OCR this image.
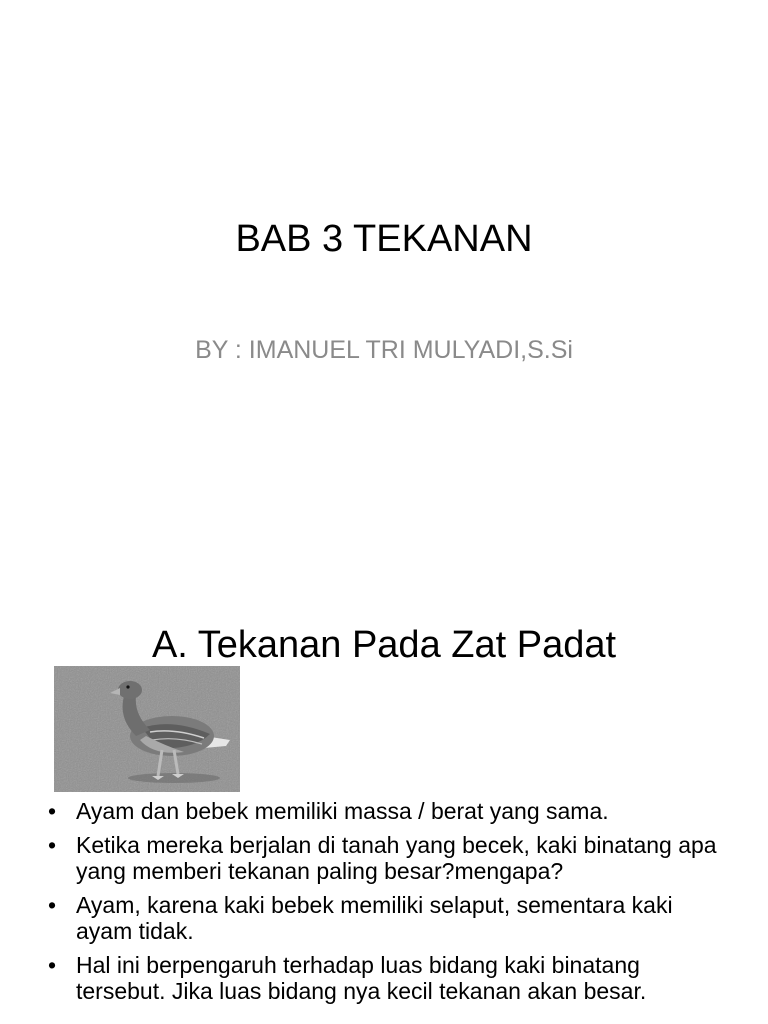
BAB 3 TEKANAN

BY : IMANUEL TRI MULYADI,S.Si

A. Tekanan Pada Zat Padat
• Ayam dan bebek memiliki massa / berat yang sama.
• Ketika mereka berjalan di tanah yang becek, kaki binatang apa yang memberi tekanan paling besar?mengapa?
• Ayam, karena kaki bebek memiliki selaput, sementara kaki ayam tidak.
• Hal ini berpengaruh terhadap luas bidang kaki binatang tersebut. Jika luas bidang nya kecil tekanan akan besar.
